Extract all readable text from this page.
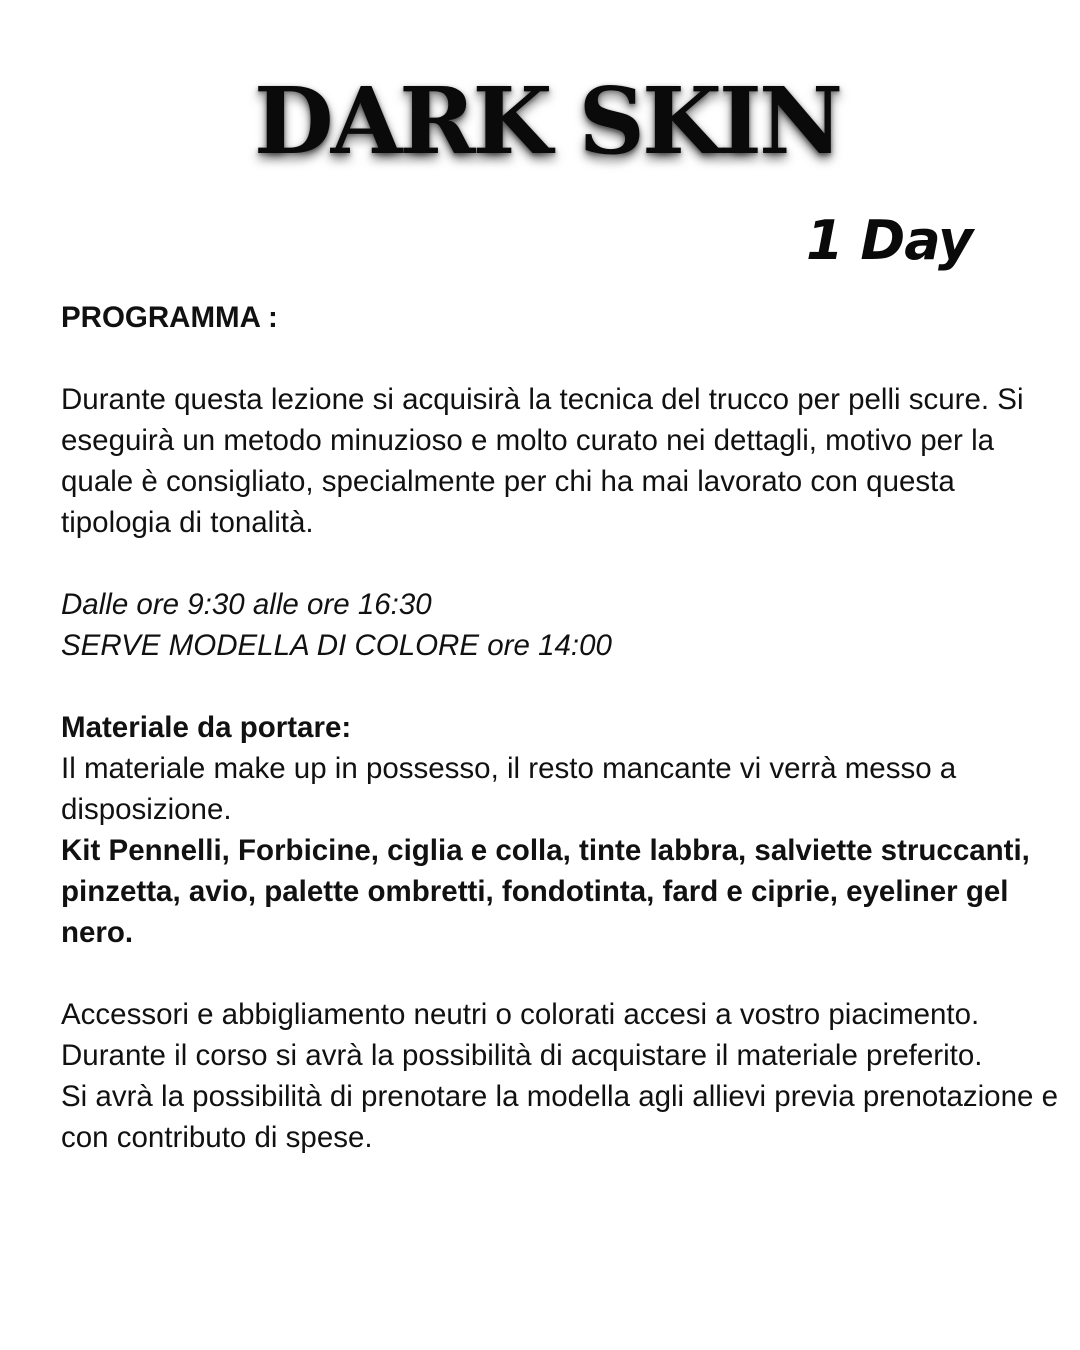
DARK SKIN
1 Day

PROGRAMMA :

Durante questa lezione si acquisirà la tecnica del trucco per pelli scure. Si eseguirà un metodo minuzioso e molto curato nei dettagli, motivo per la quale è consigliato, specialmente per chi ha mai lavorato con questa tipologia di tonalità.

Dalle ore 9:30 alle ore 16:30

SERVE MODELLA DI COLORE ore 14:00

Materiale da portare:

Il materiale make up in possesso, il resto mancante vi verrà messo a disposizione.

Kit Pennelli, Forbicine, ciglia e colla, tinte labbra, salviette struccanti, pinzetta, avio, palette ombretti, fondotinta, fard e ciprie, eyeliner gel nero.

Accessori e abbigliamento neutri o colorati accesi a vostro piacimento.

Durante il corso si avrà la possibilità di acquistare il materiale preferito.

Si avrà la possibilità di prenotare la modella agli allievi previa prenotazione e con contributo di spese.
